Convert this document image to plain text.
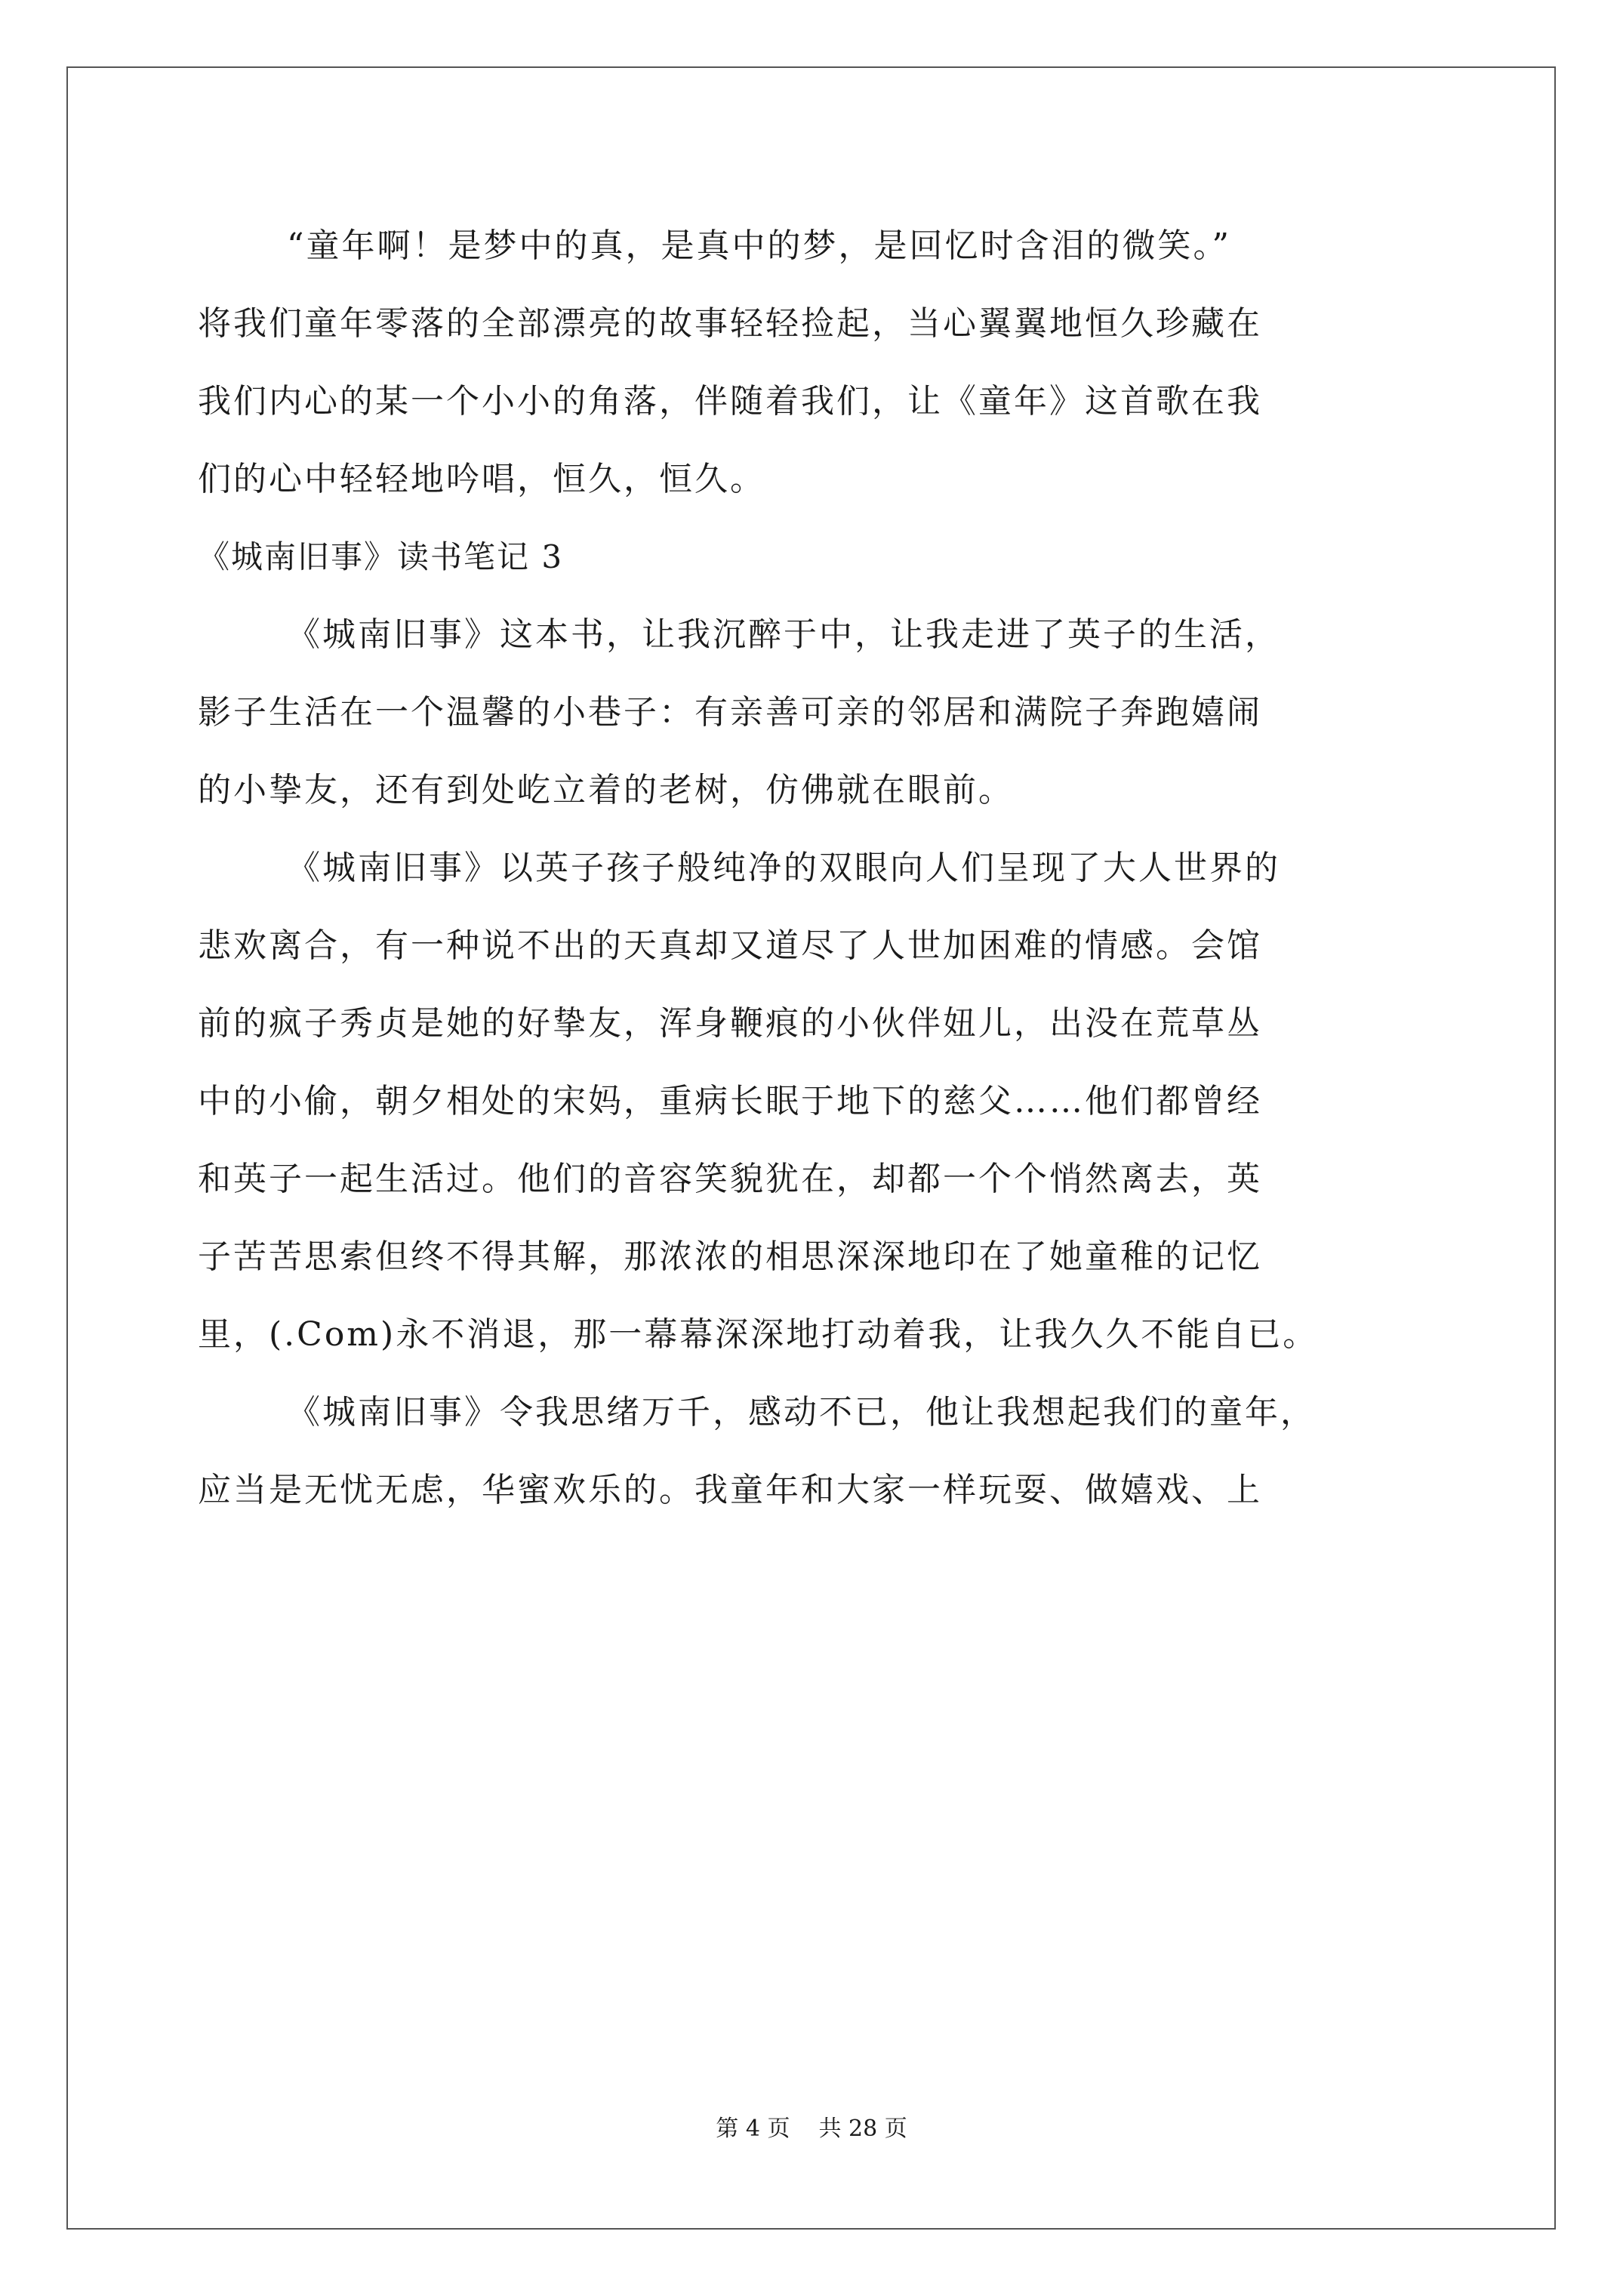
“童年啊！是梦中的真，是真中的梦，是回忆时含泪的微笑。”
将我们童年零落的全部漂亮的故事轻轻捡起，当心翼翼地恒久珍藏在
我们内心的某一个小小的角落，伴随着我们，让《童年》这首歌在我
们的心中轻轻地吟唱，恒久，恒久。
《城南旧事》读书笔记 3
《城南旧事》这本书，让我沉醉于中，让我走进了英子的生活，
影子生活在一个温馨的小巷子：有亲善可亲的邻居和满院子奔跑嬉闹
的小挚友，还有到处屹立着的老树，仿佛就在眼前。
《城南旧事》以英子孩子般纯净的双眼向人们呈现了大人世界的
悲欢离合，有一种说不出的天真却又道尽了人世加困难的情感。会馆
前的疯子秀贞是她的好挚友，浑身鞭痕的小伙伴妞儿，出没在荒草丛
中的小偷，朝夕相处的宋妈，重病长眠于地下的慈父……他们都曾经
和英子一起生活过。他们的音容笑貌犹在，却都一个个悄然离去，英
子苦苦思索但终不得其解，那浓浓的相思深深地印在了她童稚的记忆
里，(.Com)永不消退，那一幕幕深深地打动着我，让我久久不能自已。
《城南旧事》令我思绪万千，感动不已，他让我想起我们的童年，
应当是无忧无虑，华蜜欢乐的。我童年和大家一样玩耍、做嬉戏、上
第 4 页 共 28 页
